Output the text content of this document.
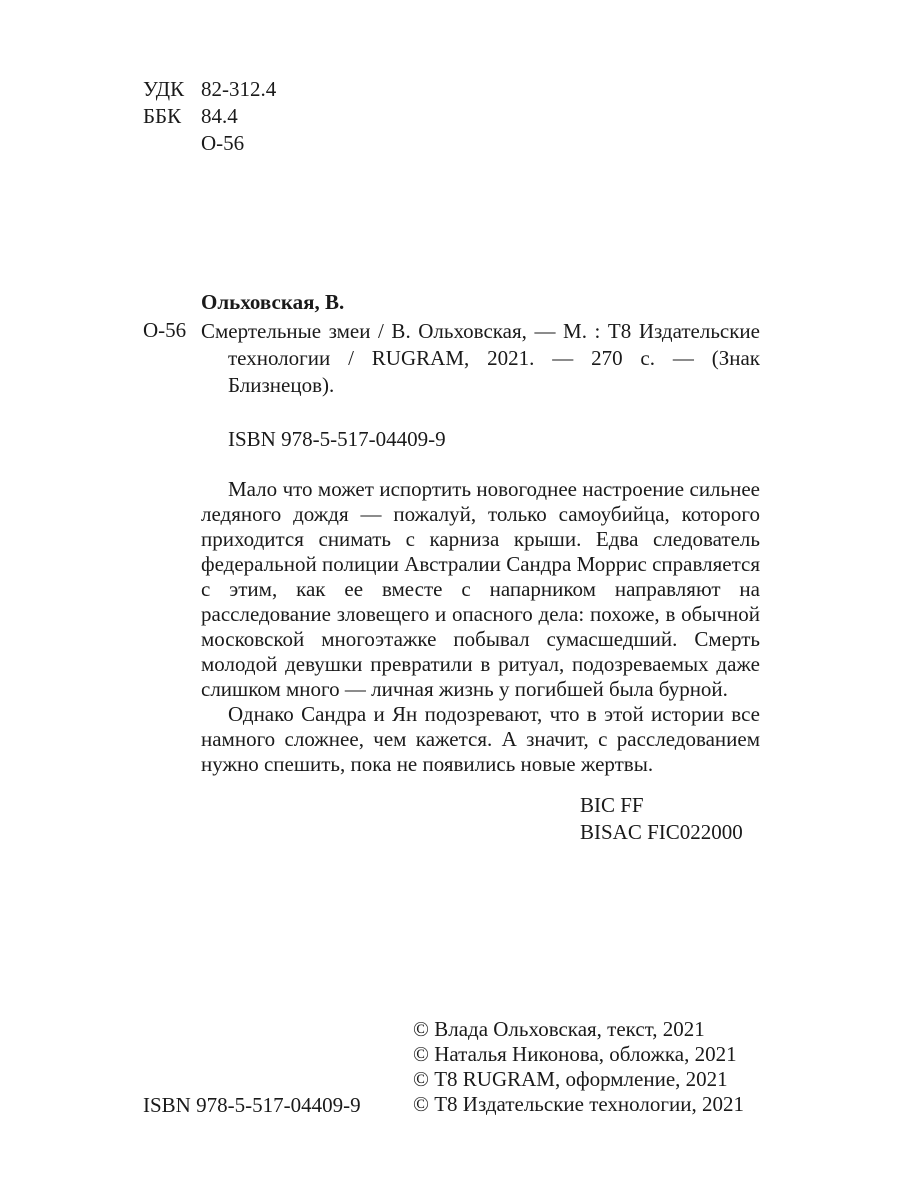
УДК 82-312.4
ББК 84.4
О-56
Ольховская, В.
О-56 Смертельные змеи / В. Ольховская, — М. : Т8 Издательские технологии / RUGRAM, 2021. — 270 с. — (Знак Близнецов).
ISBN 978-5-517-04409-9

Мало что может испортить новогоднее настроение сильнее ледяного дождя — пожалуй, только самоубийца, которого приходится снимать с карниза крыши. Едва следователь федеральной полиции Австралии Сандра Моррис справляется с этим, как ее вместе с напарником направляют на расследование зловещего и опасного дела: похоже, в обычной московской многоэтажке побывал сумасшедший. Смерть молодой девушки превратили в ритуал, подозреваемых даже слишком много — личная жизнь у погибшей была бурной.

Однако Сандра и Ян подозревают, что в этой истории все намного сложнее, чем кажется. А значит, с расследованием нужно спешить, пока не появились новые жертвы.

BIC FF
BISAC FIC022000
ISBN 978-5-517-04409-9
© Влада Ольховская, текст, 2021
© Наталья Никонова, обложка, 2021
© Т8 RUGRAM, оформление, 2021
© Т8 Издательские технологии, 2021
